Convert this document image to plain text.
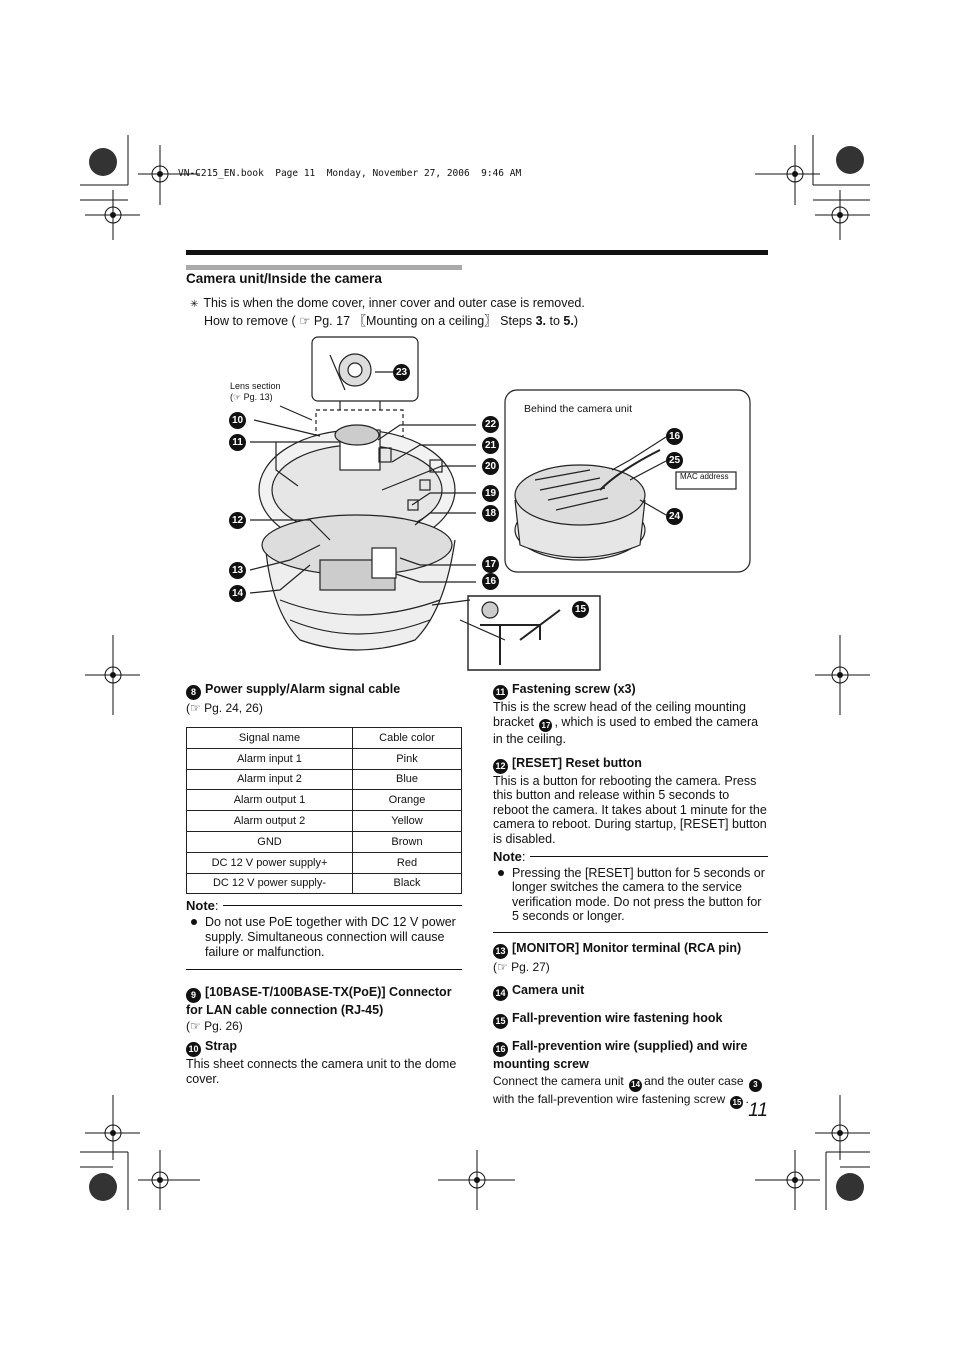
VN-C215_EN.book  Page 11  Monday, November 27, 2006  9:46 AM
Camera unit/Inside the camera
✳ This is when the dome cover, inner cover and outer case is removed.
How to remove ( ☞ Pg. 17 〖Mounting on a ceiling〗 Steps 3. to 5.)
Lens section
(☞ Pg. 13)
Behind the camera unit
MAC address
10
11
12
13
14
15
16
16
17
18
19
20
21
22
23
24
25
8 Power supply/Alarm signal cable
(☞ Pg. 24, 26)
Signal name	Cable color
Alarm input 1	Pink
Alarm input 2	Blue
Alarm output 1	Orange
Alarm output 2	Yellow
GND	Brown
DC 12 V power supply+	Red
DC 12 V power supply-	Black
Note :
Do not use PoE together with DC 12 V power supply. Simultaneous connection will cause failure or malfunction.
9 [10BASE-T/100BASE-TX(PoE)] Connector for LAN cable connection (RJ-45)
(☞ Pg. 26)
10 Strap
This sheet connects the camera unit to the dome cover.
11 Fastening screw (x3)
This is the screw head of the ceiling mounting bracket 17 , which is used to embed the camera in the ceiling.
12 [RESET] Reset button
This is a button for rebooting the camera. Press this button and release within 5 seconds to reboot the camera. It takes about 1 minute for the camera to reboot. During startup, [RESET] button is disabled.
Note :
Pressing the [RESET] button for 5 seconds or longer switches the camera to the service verification mode. Do not press the button for 5 seconds or longer.
13 [MONITOR] Monitor terminal (RCA pin)
(☞ Pg. 27)
14 Camera unit
15 Fall-prevention wire fastening hook
16 Fall-prevention wire (supplied) and wire mounting screw
Connect the camera unit 14 and the outer case 3 with the fall-prevention wire fastening screw 15 .
11
